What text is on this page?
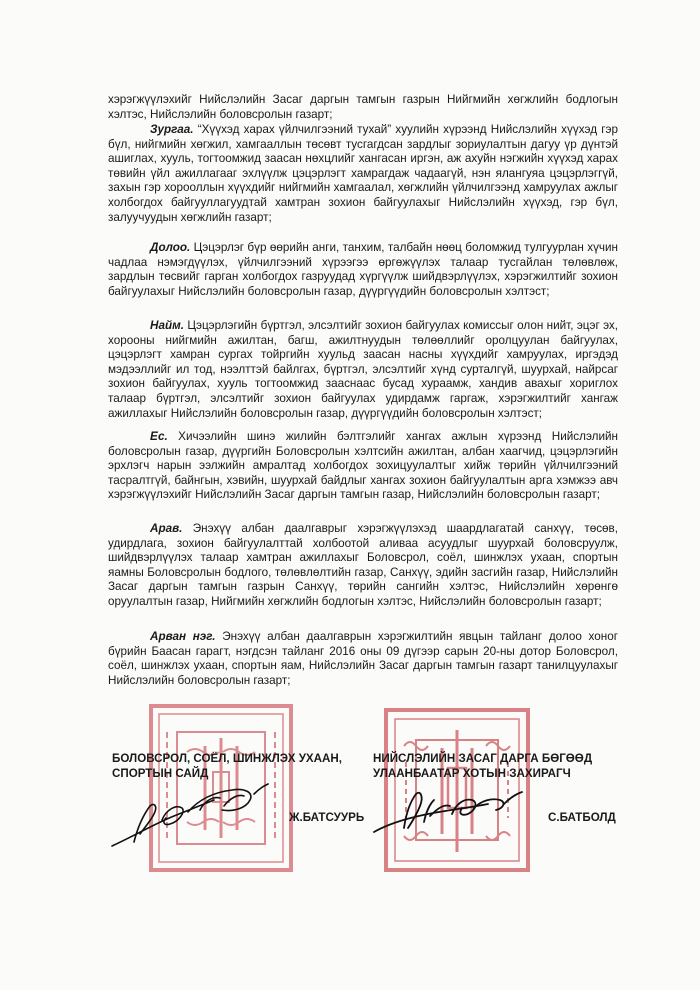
хэрэгжүүлэхийг Нийслэлийн Засаг даргын тамгын газрын Нийгмийн хөгжлийн бодлогын хэлтэс, Нийслэлийн боловсролын газарт;

Зургаа. “Хүүхэд харах үйлчилгээний тухай” хуулийн хүрээнд Нийслэлийн хүүхэд гэр бүл, нийгмийн хөгжил, хамгааллын төсөвт тусгагдсан зардлыг зориулалтын дагуу үр дүнтэй ашиглах, хууль, тогтоомжид заасан нөхцлийг хангасан иргэн, аж ахуйн нэгжийн хүүхэд харах төвийн үйл ажиллагааг эхлүүлж цэцэрлэгт хамрагдаж чадаагүй, нэн ялангуяа цэцэрлэггүй, захын гэр хорооллын хүүхдийг нийгмийн хамгаалал, хөгжлийн үйлчилгээнд хамруулах ажлыг холбогдох байгууллагуудтай хамтран зохион байгуулахыг Нийслэлийн хүүхэд, гэр бүл, залуучуудын хөгжлийн газарт;

Долоо. Цэцэрлэг бүр өөрийн анги, танхим, талбайн нөөц боломжид тулгуурлан хүчин чадлаа нэмэгдүүлэх, үйлчилгээний хүрээгээ өргөжүүлэх талаар тусгайлан төлөвлөж, зардлын төсвийг гарган холбогдох газруудад хүргүүлж шийдвэрлүүлэх, хэрэгжилтийг зохион байгуулахыг Нийслэлийн боловсролын газар, дүүргүүдийн боловсролын хэлтэст;

Найм. Цэцэрлэгийн бүртгэл, элсэлтийг зохион байгуулах комиссыг олон нийт, эцэг эх, хорооны нийгмийн ажилтан, багш, ажилтнуудын төлөөллийг оролцуулан байгуулах, цэцэрлэгт хамран сургах тойргийн хуульд заасан насны хүүхдийг хамруулах, иргэдэд мэдээллийг ил тод, нээлттэй байлгах, бүртгэл, элсэлтийг хүнд сурталгүй, шуурхай, найрсаг зохион байгуулах, хууль тогтоомжид зааснаас бусад хураамж, хандив авахыг хориглох талаар бүртгэл, элсэлтийг зохион байгуулах удирдамж гаргаж, хэрэгжилтийг хангаж ажиллахыг Нийслэлийн боловсролын газар, дүүргүүдийн боловсролын хэлтэст;

Ес. Хичээлийн шинэ жилийн бэлтгэлийг хангах ажлын хүрээнд Нийслэлийн боловсролын газар, дүүргийн Боловсролын хэлтсийн ажилтан, албан хаагчид, цэцэрлэгийн эрхлэгч нарын ээлжийн амралтад холбогдох зохицуулалтыг хийж төрийн үйлчилгээний тасралтгүй, байнгын, хэвийн, шуурхай байдлыг хангах зохион байгуулалтын арга хэмжээ авч хэрэгжүүлэхийг Нийслэлийн Засаг даргын тамгын газар, Нийслэлийн боловсролын газарт;

Арав. Энэхүү албан даалгаврыг хэрэгжүүлэхэд шаардлагатай санхүү, төсөв, удирдлага, зохион байгуулалттай холбоотой аливаа асуудлыг шуурхай боловсруулж, шийдвэрлүүлэх талаар хамтран ажиллахыг Боловсрол, соёл, шинжлэх ухаан, спортын яамны Боловсролын бодлого, төлөвлөлтийн газар, Санхүү, эдийн засгийн газар, Нийслэлийн Засаг даргын тамгын газрын Санхүү, төрийн сангийн хэлтэс, Нийслэлийн хөрөнгө оруулалтын газар, Нийгмийн хөгжлийн бодлогын хэлтэс, Нийслэлийн боловсролын газарт;

Арван нэг. Энэхүү албан даалгаврын хэрэгжилтийн явцын тайланг долоо хоног бүрийн Баасан гарагт, нэгдсэн тайланг 2016 оны 09 дүгээр сарын 20-ны дотор Боловсрол, соёл, шинжлэх ухаан, спортын яам, Нийслэлийн Засаг даргын тамгын газарт танилцуулахыг Нийслэлийн боловсролын газарт;

БОЛОВСРОЛ, СОЁЛ, ШИНЖЛЭХ УХААН,

СПОРТЫН САЙД

Ж.БАТСУУРЬ

НИЙСЛЭЛИЙН ЗАСАГ ДАРГА БӨГӨӨД

УЛААНБААТАР ХОТЫН ЗАХИРАГЧ

С.БАТБОЛД
